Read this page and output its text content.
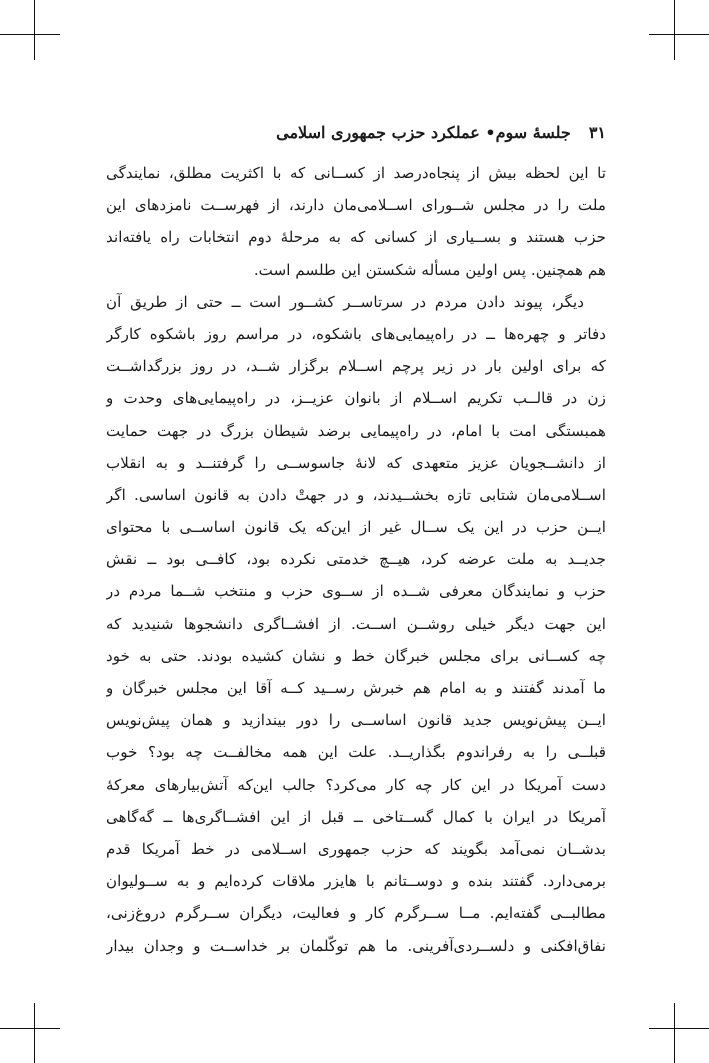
۳۱
جلسهٔ سوم• عملکرد حزب جمهوری اسلامی
تا این لحظه بیش از پنجاه‌درصد از کســانی که با اکثریت مطلق، نمایندگی
ملت را در مجلس شــورای اســلامی‌مان دارند، از فهرســت نامزدهای این
حزب هستند و بســیاری از کسانی که به مرحلهٔ دوم انتخابات راه یافته‌اند
هم همچنین. پس اولین مسأله شکستن این طلسم است.
دیگر، پیوند دادن مردم در سرتاســر کشــور است ــ حتی از طریق آن
دفاتر و چهره‌ها ــ در راه‌پیمایی‌های باشکوه، در مراسم روز باشکوه کارگر
که برای اولین بار در زیر پرچم اســلام برگزار شــد، در روز بزرگداشــت
زن در قالــب تکریم اســلام از بانوان عزیــز، در راه‌پیمایی‌های وحدت و
همبستگی امت با امام، در راه‌پیمایی برضد شیطان بزرگ در جهت حمایت
از دانشــجویان عزیز متعهدی که لانهٔ جاسوســی را گرفتنــد و به انقلاب
اســلامی‌مان شتابی تازه بخشــیدند، و در جهتْ دادن به قانون اساسی. اگر
ایــن حزب در این یک ســال غیر از این‌که یک قانون اساســی با محتوای
جدیــد به ملت عرضه کرد، هیــچ خدمتی نکرده بود، کافــی بود ــ نقش
حزب و نمایندگان معرفی شــده از ســوی حزب و منتخب شــما مردم در
این جهت دیگر خیلی روشــن اســت. از افشــاگری دانشجوها شنیدید که
چه کســانی برای مجلس خبرگان خط و نشان کشیده بودند. حتی به خود
ما آمدند گفتند و به امام هم خبرش رســید کــه آقا این مجلس خبرگان و
ایــن پیش‌نویس جدید قانون اساســی را دور بیندازید و همان پیش‌نویس
قبلــی را به رفراندوم بگذاریــد. علت این همه مخالفــت چه بود؟ خوب
دست آمریکا در این کار چه کار می‌کرد؟ جالب این‌که آتش‌بیارهای معرکهٔ
آمریکا در ایران با کمال گســتاخی ــ قبل از این افشــاگری‌ها ــ گه‌گاهی
بدشــان نمی‌آمد بگویند که حزب جمهوری اســلامی در خط آمریکا قدم
برمی‌دارد. گفتند بنده و دوســتانم با هایزر ملاقات کرده‌ایم و به ســولیوان
مطالبــی گفته‌ایم. مــا ســرگرم کار و فعالیت، دیگران ســرگرم دروغ‌زنی،
نفاق‌افکنی و دلســردی‌آفرینی. ما هم توکّلمان بر خداســت و وجدان بیدار
